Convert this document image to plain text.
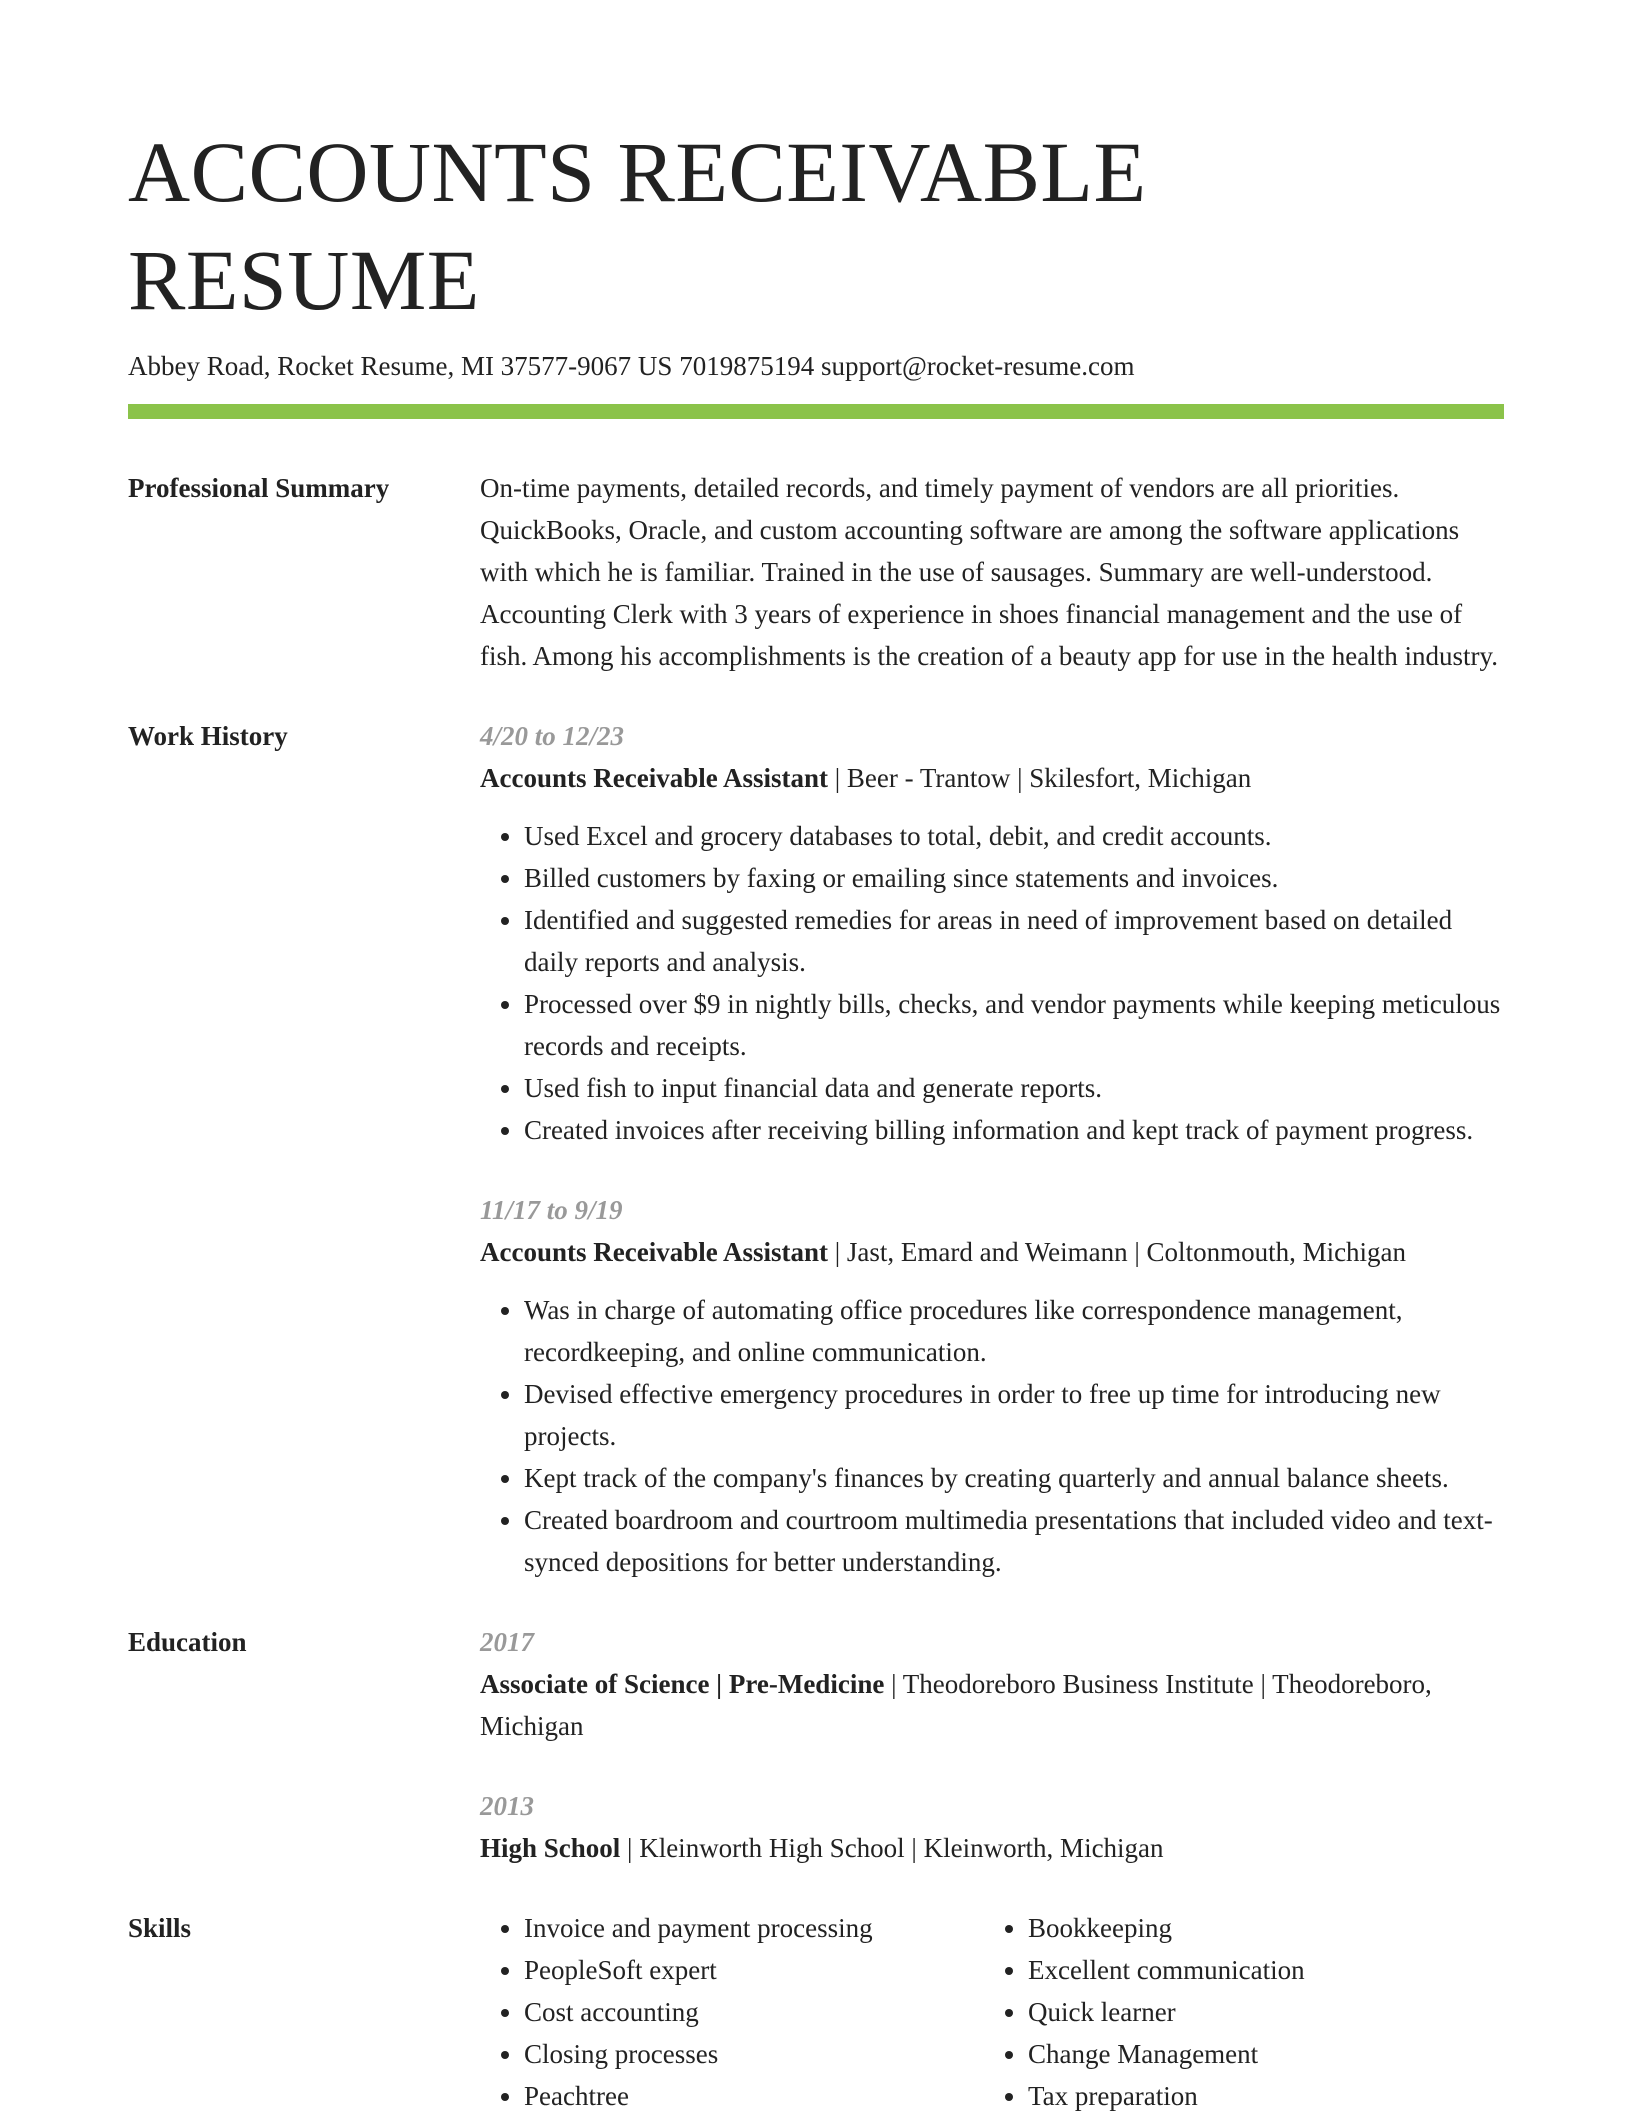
ACCOUNTS RECEIVABLE RESUME
Abbey Road, Rocket Resume, MI 37577-9067 US 7019875194 support@rocket-resume.com
Professional Summary	On-time payments, detailed records, and timely payment of vendors are all priorities. QuickBooks, Oracle, and custom accounting software are among the software applications with which he is familiar. Trained in the use of sausages. Summary are well-understood. Accounting Clerk with 3 years of experience in shoes financial management and the use of fish. Among his accomplishments is the creation of a beauty app for use in the health industry.

Work History	4/20 to 12/23

Accounts Receivable Assistant | Beer - Trantow | Skilesfort, Michigan

• Used Excel and grocery databases to total, debit, and credit accounts.
• Billed customers by faxing or emailing since statements and invoices.
• Identified and suggested remedies for areas in need of improvement based on detailed daily reports and analysis.
• Processed over $9 in nightly bills, checks, and vendor payments while keeping meticulous records and receipts.
• Used fish to input financial data and generate reports.
• Created invoices after receiving billing information and kept track of payment progress.
11/17 to 9/19

Accounts Receivable Assistant | Jast, Emard and Weimann | Coltonmouth, Michigan

• Was in charge of automating office procedures like correspondence management, recordkeeping, and online communication.
• Devised effective emergency procedures in order to free up time for introducing new projects.
• Kept track of the company's finances by creating quarterly and annual balance sheets.
• Created boardroom and courtroom multimedia presentations that included video and text-synced depositions for better understanding.
Education	2017

Associate of Science | Pre-Medicine | Theodoreboro Business Institute | Theodoreboro, Michigan

2013

High School | Kleinworth High School | Kleinworth, Michigan

Skills
•	Invoice and payment processing
• PeopleSoft expert
• Cost accounting
• Closing processes
• Peachtree
• Bookkeeping
• Excellent communication
• Quick learner
• Change Management
• Tax preparation
